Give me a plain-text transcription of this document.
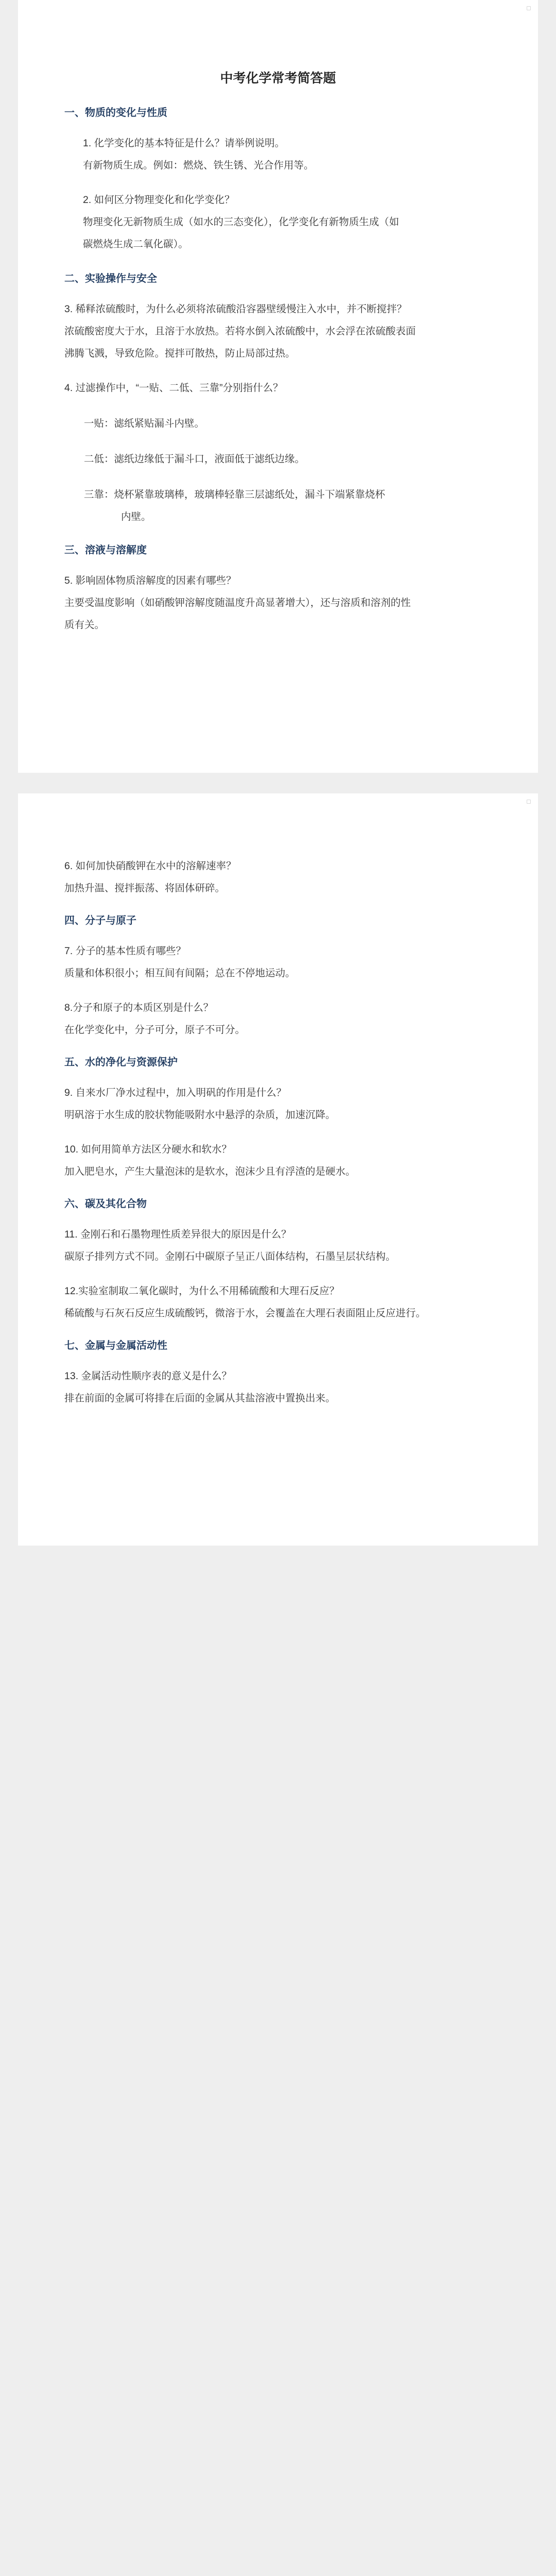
中考化学常考简答题
一、物质的变化与性质

1. 化学变化的基本特征是什么？请举例说明。

有新物质生成。例如：燃烧、铁生锈、光合作用等。

2. 如何区分物理变化和化学变化？

物理变化无新物质生成（如水的三态变化），化学变化有新物质生成（如
碳燃烧生成二氧化碳）。

二、实验操作与安全

3. 稀释浓硫酸时，为什么必须将浓硫酸沿容器壁缓慢注入水中，并不断搅拌？

浓硫酸密度大于水，且溶于水放热。若将水倒入浓硫酸中，水会浮在浓硫酸表面
沸腾飞溅，导致危险。搅拌可散热，防止局部过热。

4. 过滤操作中，“一贴、二低、三靠”分别指什么？

一贴：滤纸紧贴漏斗内壁。
二低：滤纸边缘低于漏斗口，液面低于滤纸边缘。
三靠：烧杯紧靠玻璃棒，玻璃棒轻靠三层滤纸处，漏斗下端紧靠烧杯
内壁。
三、溶液与溶解度

5. 影响固体物质溶解度的因素有哪些？

主要受温度影响（如硝酸钾溶解度随温度升高显著增大），还与溶质和溶剂的性
质有关。

6. 如何加快硝酸钾在水中的溶解速率？

加热升温、搅拌振荡、将固体研碎。

四、分子与原子

7. 分子的基本性质有哪些？

质量和体积很小；相互间有间隔；总在不停地运动。

8.分子和原子的本质区别是什么？

在化学变化中，分子可分，原子不可分。

五、水的净化与资源保护

9. 自来水厂净水过程中，加入明矾的作用是什么？

明矾溶于水生成的胶状物能吸附水中悬浮的杂质，加速沉降。

10. 如何用简单方法区分硬水和软水？

加入肥皂水，产生大量泡沫的是软水，泡沫少且有浮渣的是硬水。

六、碳及其化合物

11. 金刚石和石墨物理性质差异很大的原因是什么？

碳原子排列方式不同。金刚石中碳原子呈正八面体结构，石墨呈层状结构。

12.实验室制取二氧化碳时，为什么不用稀硫酸和大理石反应？

稀硫酸与石灰石反应生成硫酸钙，微溶于水，会覆盖在大理石表面阻止反应进行。

七、金属与金属活动性

13. 金属活动性顺序表的意义是什么？

排在前面的金属可将排在后面的金属从其盐溶液中置换出来。
